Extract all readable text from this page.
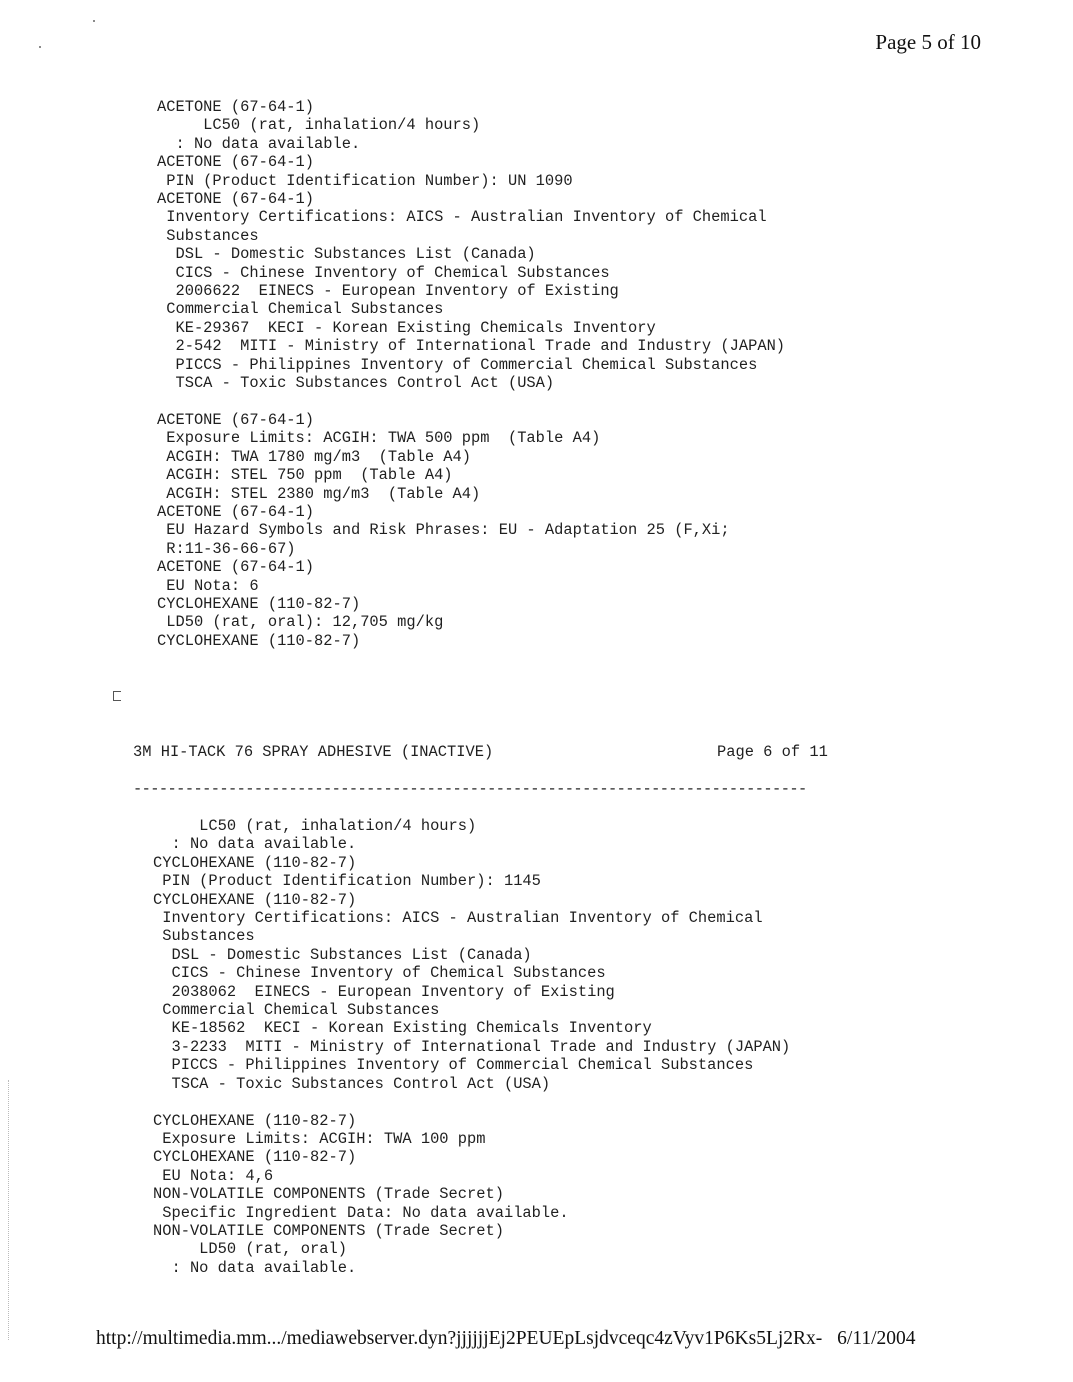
Page 5 of 10
ACETONE (67-64-1)
LC50 (rat, inhalation/4 hours)
: No data available.
ACETONE (67-64-1)
PIN (Product Identification Number): UN 1090
ACETONE (67-64-1)
Inventory Certifications: AICS - Australian Inventory of Chemical
Substances
DSL - Domestic Substances List (Canada)
CICS - Chinese Inventory of Chemical Substances
2006622  EINECS - European Inventory of Existing
Commercial Chemical Substances
KE-29367  KECI - Korean Existing Chemicals Inventory
2-542  MITI - Ministry of International Trade and Industry (JAPAN)
PICCS - Philippines Inventory of Commercial Chemical Substances
TSCA - Toxic Substances Control Act (USA)

ACETONE (67-64-1)
Exposure Limits: ACGIH: TWA 500 ppm  (Table A4)
ACGIH: TWA 1780 mg/m3  (Table A4)
ACGIH: STEL 750 ppm  (Table A4)
ACGIH: STEL 2380 mg/m3  (Table A4)
ACETONE (67-64-1)
EU Hazard Symbols and Risk Phrases: EU - Adaptation 25 (F,Xi;
R:11-36-66-67)
ACETONE (67-64-1)
EU Nota: 6
CYCLOHEXANE (110-82-7)
LD50 (rat, oral): 12,705 mg/kg
CYCLOHEXANE (110-82-7)
3M HI-TACK 76 SPRAY ADHESIVE (INACTIVE)	Page 6 of 11
------------------------------------------------------------------------------
LC50 (rat, inhalation/4 hours)
: No data available.
CYCLOHEXANE (110-82-7)
PIN (Product Identification Number): 1145
CYCLOHEXANE (110-82-7)
Inventory Certifications: AICS - Australian Inventory of Chemical
Substances
DSL - Domestic Substances List (Canada)
CICS - Chinese Inventory of Chemical Substances
2038062  EINECS - European Inventory of Existing
Commercial Chemical Substances
KE-18562  KECI - Korean Existing Chemicals Inventory
3-2233  MITI - Ministry of International Trade and Industry (JAPAN)
PICCS - Philippines Inventory of Commercial Chemical Substances
TSCA - Toxic Substances Control Act (USA)

CYCLOHEXANE (110-82-7)
Exposure Limits: ACGIH: TWA 100 ppm
CYCLOHEXANE (110-82-7)
EU Nota: 4,6
NON-VOLATILE COMPONENTS (Trade Secret)
Specific Ingredient Data: No data available.
NON-VOLATILE COMPONENTS (Trade Secret)
LD50 (rat, oral)
: No data available.
http://multimedia.mm.../mediawebserver.dyn?jjjjjjEj2PEUEpLsjdvceqc4zVyv1P6Ks5Lj2Rx- 6/11/2004
